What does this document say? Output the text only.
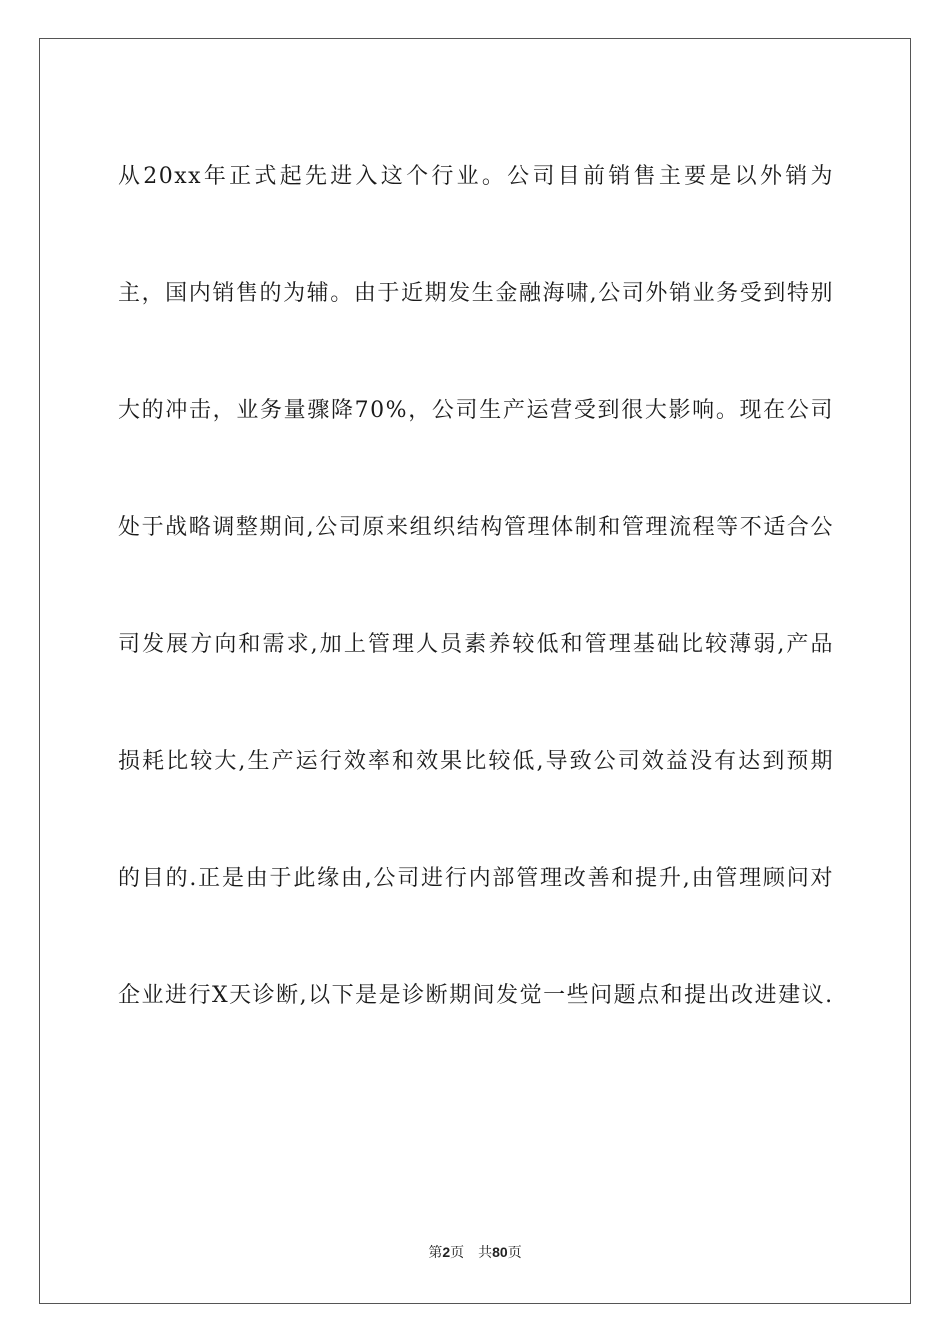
从20xx年正式起先进入这个行业。公司目前销售主要是以外销为主，国内销售的为辅。由于近期发生金融海啸,公司外销业务受到特别大的冲击，业务量骤降70%，公司生产运营受到很大影响。现在公司处于战略调整期间,公司原来组织结构管理体制和管理流程等不适合公司发展方向和需求,加上管理人员素养较低和管理基础比较薄弱,产品损耗比较大,生产运行效率和效果比较低,导致公司效益没有达到预期的目的.正是由于此缘由,公司进行内部管理改善和提升,由管理顾问对企业进行X天诊断,以下是是诊断期间发觉一些问题点和提出改进建议.

第2页 共80页
